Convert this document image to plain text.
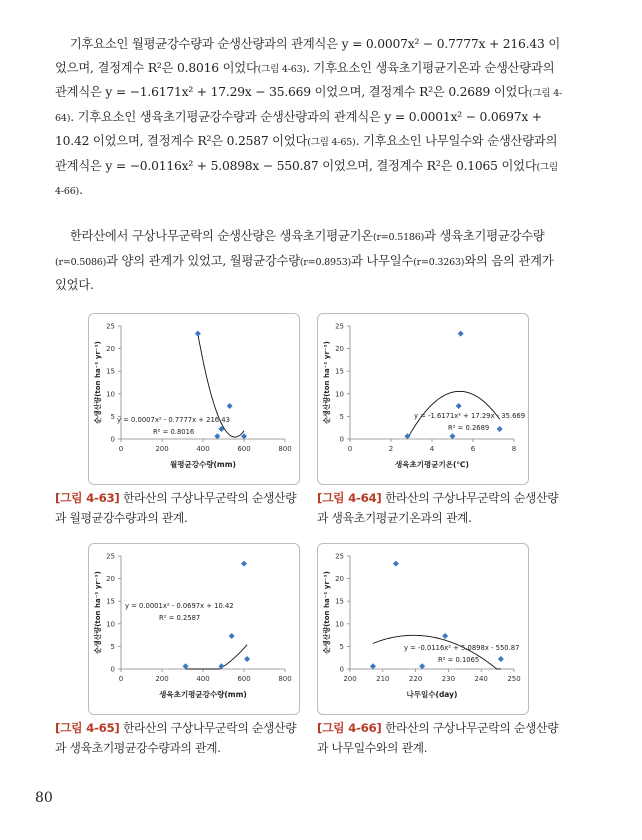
기후요소인 월평균강수량과 순생산량과의 관계식은 y = 0.0007x² − 0.7777x + 216.43 이었으며, 결정계수 R²은 0.8016 이었다(그림 4-63). 기후요소인 생육초기평균기온과 순생산량과의 관계식은 y = −1.6171x² + 17.29x − 35.669 이었으며, 결정계수 R²은 0.2689 이었다(그림 4-64). 기후요소인 생육초기평균강수량과 순생산량과의 관계식은 y = 0.0001x² − 0.0697x + 10.42 이었으며, 결정계수 R²은 0.2587 이었다(그림 4-65). 기후요소인 나무일수와 순생산량과의 관계식은 y = −0.0116x² + 5.0898x − 550.87 이었으며, 결정계수 R²은 0.1065 이었다(그림 4-66).

한라산에서 구상나무군락의 순생산량은 생육초기평균기온(r=0.5186)과 생육초기평균강수량(r=0.5086)과 양의 관계가 있었고, 월평균강수량(r=0.8953)과 나무일수(r=0.3263)와의 음의 관계가 있었다.

0
5
10
15
20
25
0	200	400	600	800
월평균강수량(mm)
순생산량(ton ha⁻¹ yr⁻¹) y = 0.0007x² - 0.7777x + 216.43
R² = 0.8016
0
5
10
15
20
25
0	2	4	6	8
생육초기평균기온(℃)
순생산량(ton ha⁻¹ yr⁻¹)	y = -1.6171x² + 17.29x - 35.669
R² = 0.2689
0
5
10
15
20
25
0	200	400	600	800
생육초기평균강수량(mm)
순생산량(ton ha⁻¹ yr⁻¹)	y = 0.0001x² - 0.0697x + 10.42
R² = 0.2587
0
5
10
15
20
25
200	210	220	230	240	250
나무일수(day)
순생산량(ton ha⁻¹ yr⁻¹)	y = -0.0116x² + 5.0898x - 550.87
R² = 0.1065
[그림 4-63] 한라산의 구상나무군락의 순생산량과 월평균강수량과의 관계.
[그림 4-64] 한라산의 구상나무군락의 순생산량과 생육초기평균기온과의 관계.
[그림 4-65] 한라산의 구상나무군락의 순생산량과 생육초기평균강수량과의 관계.
[그림 4-66] 한라산의 구상나무군락의 순생산량과 나무일수와의 관계.
80
